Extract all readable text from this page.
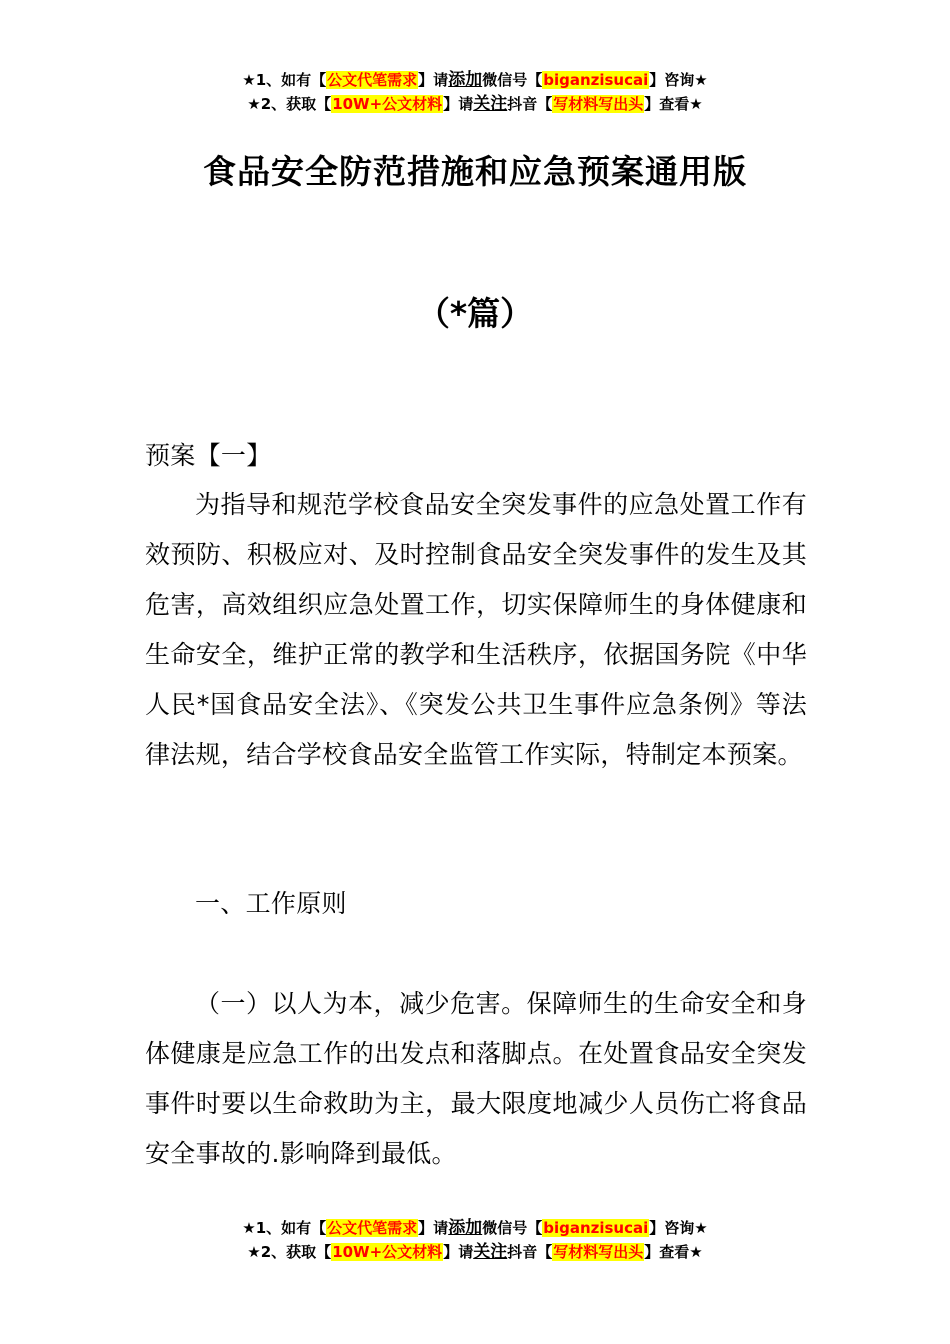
★1、如有【公文代笔需求】请添加微信号【biganzisucai】咨询★
★2、获取【10W+公文材料】请关注抖音【写材料写出头】查看★
食品安全防范措施和应急预案通用版
（*篇）
预案【一】
为指导和规范学校食品安全突发事件的应急处置工作有效预防、积极应对、及时控制食品安全突发事件的发生及其危害，高效组织应急处置工作，切实保障师生的身体健康和生命安全，维护正常的教学和生活秩序，依据国务院《中华人民*国食品安全法》、《突发公共卫生事件应急条例》等法律法规，结合学校食品安全监管工作实际，特制定本预案。
一、工作原则
（一）以人为本，减少危害。保障师生的生命安全和身体健康是应急工作的出发点和落脚点。在处置食品安全突发事件时要以生命救助为主，最大限度地减少人员伤亡将食品安全事故的.影响降到最低。
★1、如有【公文代笔需求】请添加微信号【biganzisucai】咨询★
★2、获取【10W+公文材料】请关注抖音【写材料写出头】查看★
